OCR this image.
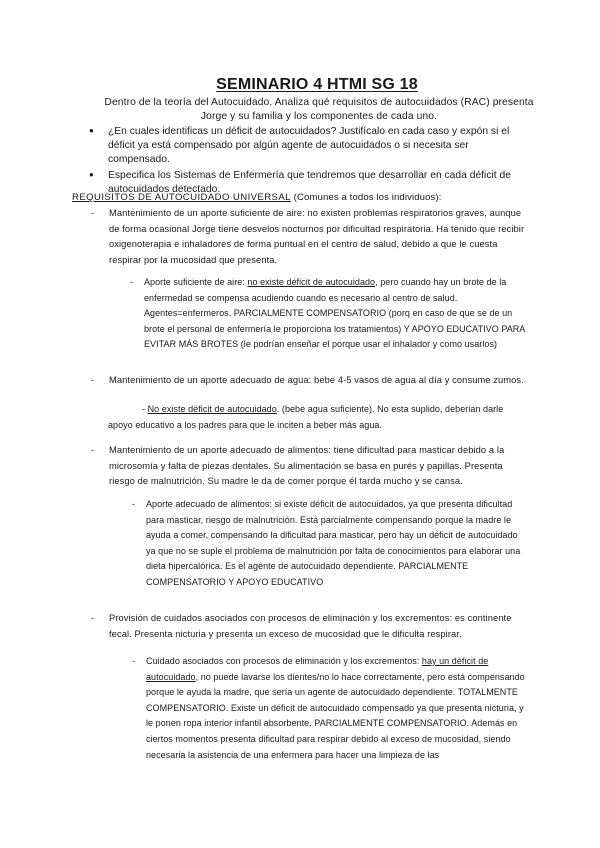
SEMINARIO 4 HTMI SG 18
Dentro de la teoría del Autocuidado. Analiza qué requisitos de autocuidados (RAC) presenta Jorge y su familia y los componentes de cada uno.
● ¿En cuales identificas un déficit de autocuidados? Justifícalo en cada caso y expón si el déficit ya está compensado por algún agente de autocuidados o si necesita ser compensado.
● Especifica los Sistemas de Enfermería que tendremos que desarrollar en cada déficit de autocuidados detectado.
REQUISITOS DE AUTOCUIDADO UNIVERSAL (Comunes a todos los individuos):
- Mantenimiento de un aporte suficiente de aire: no existen problemas respiratorios graves, aunque de forma ocasional Jorge tiene desvelos nocturnos por dificultad respiratoria. Ha tenido que recibir oxigenoterapia e inhaladores de forma puntual en el centro de salud, debido a que le cuesta respirar por la mucosidad que presenta.
- Aporte suficiente de aire: no existe déficit de autocuidado, pero cuando hay un brote de la enfermedad se compensa acudiendo cuando es necesario al centro de salud. Agentes=enfermeros. PARCIALMENTE COMPENSATORIO (porq en caso de que se de un brote el personal de enfermería le proporciona los tratamientos) Y APOYO EDUCATIVO PARA EVITAR MÁS BROTES (le podrían enseñar el porque usar el inhalador y como usarlos)
- Mantenimiento de un aporte adecuado de agua: bebe 4-5 vasos de agua al día y consume zumos.
- No existe déficit de autocuidado. (bebe agua suficiente). No esta suplido, deberian darle apoyo educativo a los padres para que le inciten a beber más agua.
- Mantenimiento de un aporte adecuado de alimentos: tiene dificultad para masticar debido a la microsomía y falta de piezas dentales. Su alimentación se basa en purés y papillas. Presenta riesgo de malnutrición. Su madre le da de comer porque él tarda mucho y se cansa.
- Aporte adecuado de alimentos: si existe déficit de autocuidados, ya que presenta dificultad para masticar, riesgo de malnutrición. Está parcialmente compensando porque la madre le ayuda a comer, compensando la dificultad para masticar, pero hay un déficit de autocuidado ya que no se suple el problema de malnutrición por falta de conocimientos para elaborar una dieta hipercalórica. Es el agente de autocuidado dependiente. PARCIALMENTE COMPENSATORIO Y APOYO EDUCATIVO
- Provisión de cuidados asociados con procesos de eliminación y los excrementos: es continente fecal. Presenta nicturia y presenta un exceso de mucosidad que le dificulta respirar.
- Cuidado asociados con procesos de eliminación y los excrementos: hay un déficit de autocuidado, no puede lavarse los dientes/no lo hace correctamente, pero está compensando porque le ayuda la madre, que sería un agente de autocuidado dependiente. TOTALMENTE COMPENSATORIO. Existe un déficit de autocuidado compensado ya que presenta nicturia, y le ponen ropa interior infantil absorbente. PARCIALMENTE COMPENSATORIO. Además en ciertos momentos presenta dificultad para respirar debido al exceso de mucosidad, siendo necesaria la asistencia de una enfermera para hacer una limpieza de las
